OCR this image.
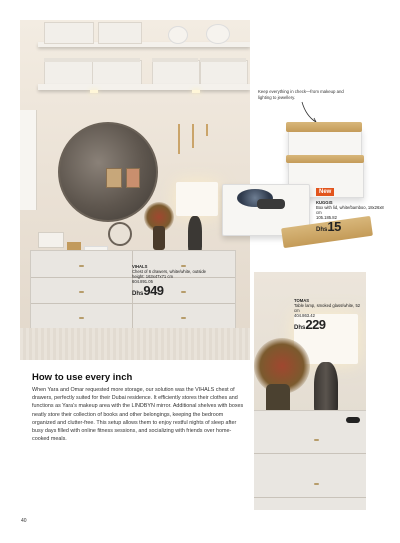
VIHALS
Chest of 6 drawers, white/white, outside height: 163x47x71 cm
604.891.05
Dhs949
Keep everything in check—from makeup and lighting to jewellery.
New
KUGGIS
Box with lid, white/bamboo, 18x26x8 cm
105.185.82
Dhs15
TOMAS
Table lamp, smoked glass/white, 52 cm
404.863.42
Dhs229
How to use every inch

When Yara and Omar requested more storage, our solution was the VIHALS chest of drawers, perfectly suited for their Dubai residence. It efficiently stores their clothes and functions as Yara’s makeup area with the LINDBYN mirror. Additional shelves with boxes neatly store their collection of books and other belongings, keeping the bedroom organized and clutter-free. This setup allows them to enjoy restful nights of sleep after busy days filled with online fitness sessions, and socializing with friends over home-cooked meals.

40
